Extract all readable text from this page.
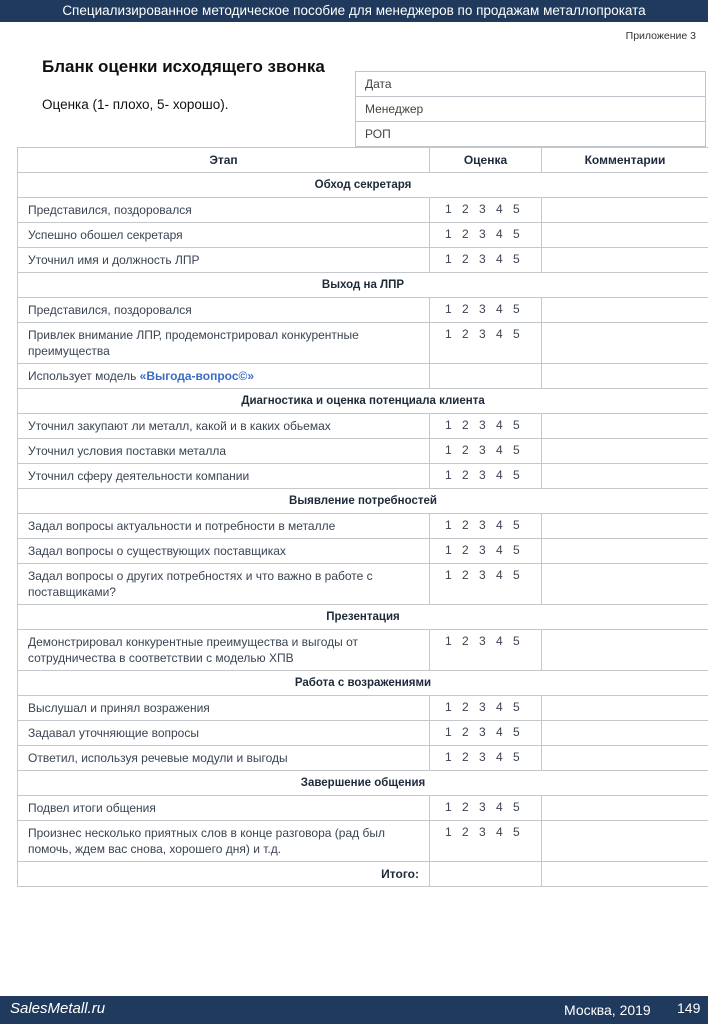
Специализированное методическое пособие для менеджеров по продажам металлопроката
Приложение 3
Бланк оценки исходящего звонка
Оценка (1- плохо, 5- хорошо).
Дата
Менеджер
РОП
Этап	Оценка	Комментарии
Обход секретаря		
Представился, поздоровался	1 2 3 4 5	
Успешно обошел секретаря	1 2 3 4 5	
Уточнил имя и должность ЛПР	1 2 3 4 5	
Выход на ЛПР		
Представился, поздоровался	1 2 3 4 5	
Привлек внимание ЛПР, продемонстрировал конкурентные преимущества	1 2 3 4 5	
Использует модель «Выгода-вопрос©»		
Диагностика и оценка потенциала клиента		
Уточнил закупают ли металл, какой и в каких обьемах	1 2 3 4 5	
Уточнил условия поставки металла	1 2 3 4 5	
Уточнил сферу деятельности компании	1 2 3 4 5	
Выявление потребностей		
Задал вопросы актуальности и потребности в металле	1 2 3 4 5	
Задал вопросы о существующих поставщиках	1 2 3 4 5	
Задал вопросы о других потребностях и что важно в работе с поставщиками?	1 2 3 4 5	
Презентация		
Демонстрировал конкурентные преимущества и выгоды от сотрудничества в соответствии с моделью ХПВ	1 2 3 4 5	
Работа с возражениями		
Выслушал и принял возражения	1 2 3 4 5	
Задавал уточняющие вопросы	1 2 3 4 5	
Ответил, используя речевые модули и выгоды	1 2 3 4 5	
Завершение общения		
Подвел итоги общения	1 2 3 4 5	
Произнес несколько приятных слов в конце разговора (рад был помочь, ждем вас снова, хорошего дня) и т.д.	1 2 3 4 5	
Итого:		
SalesMetall.ru	Москва, 2019 149
